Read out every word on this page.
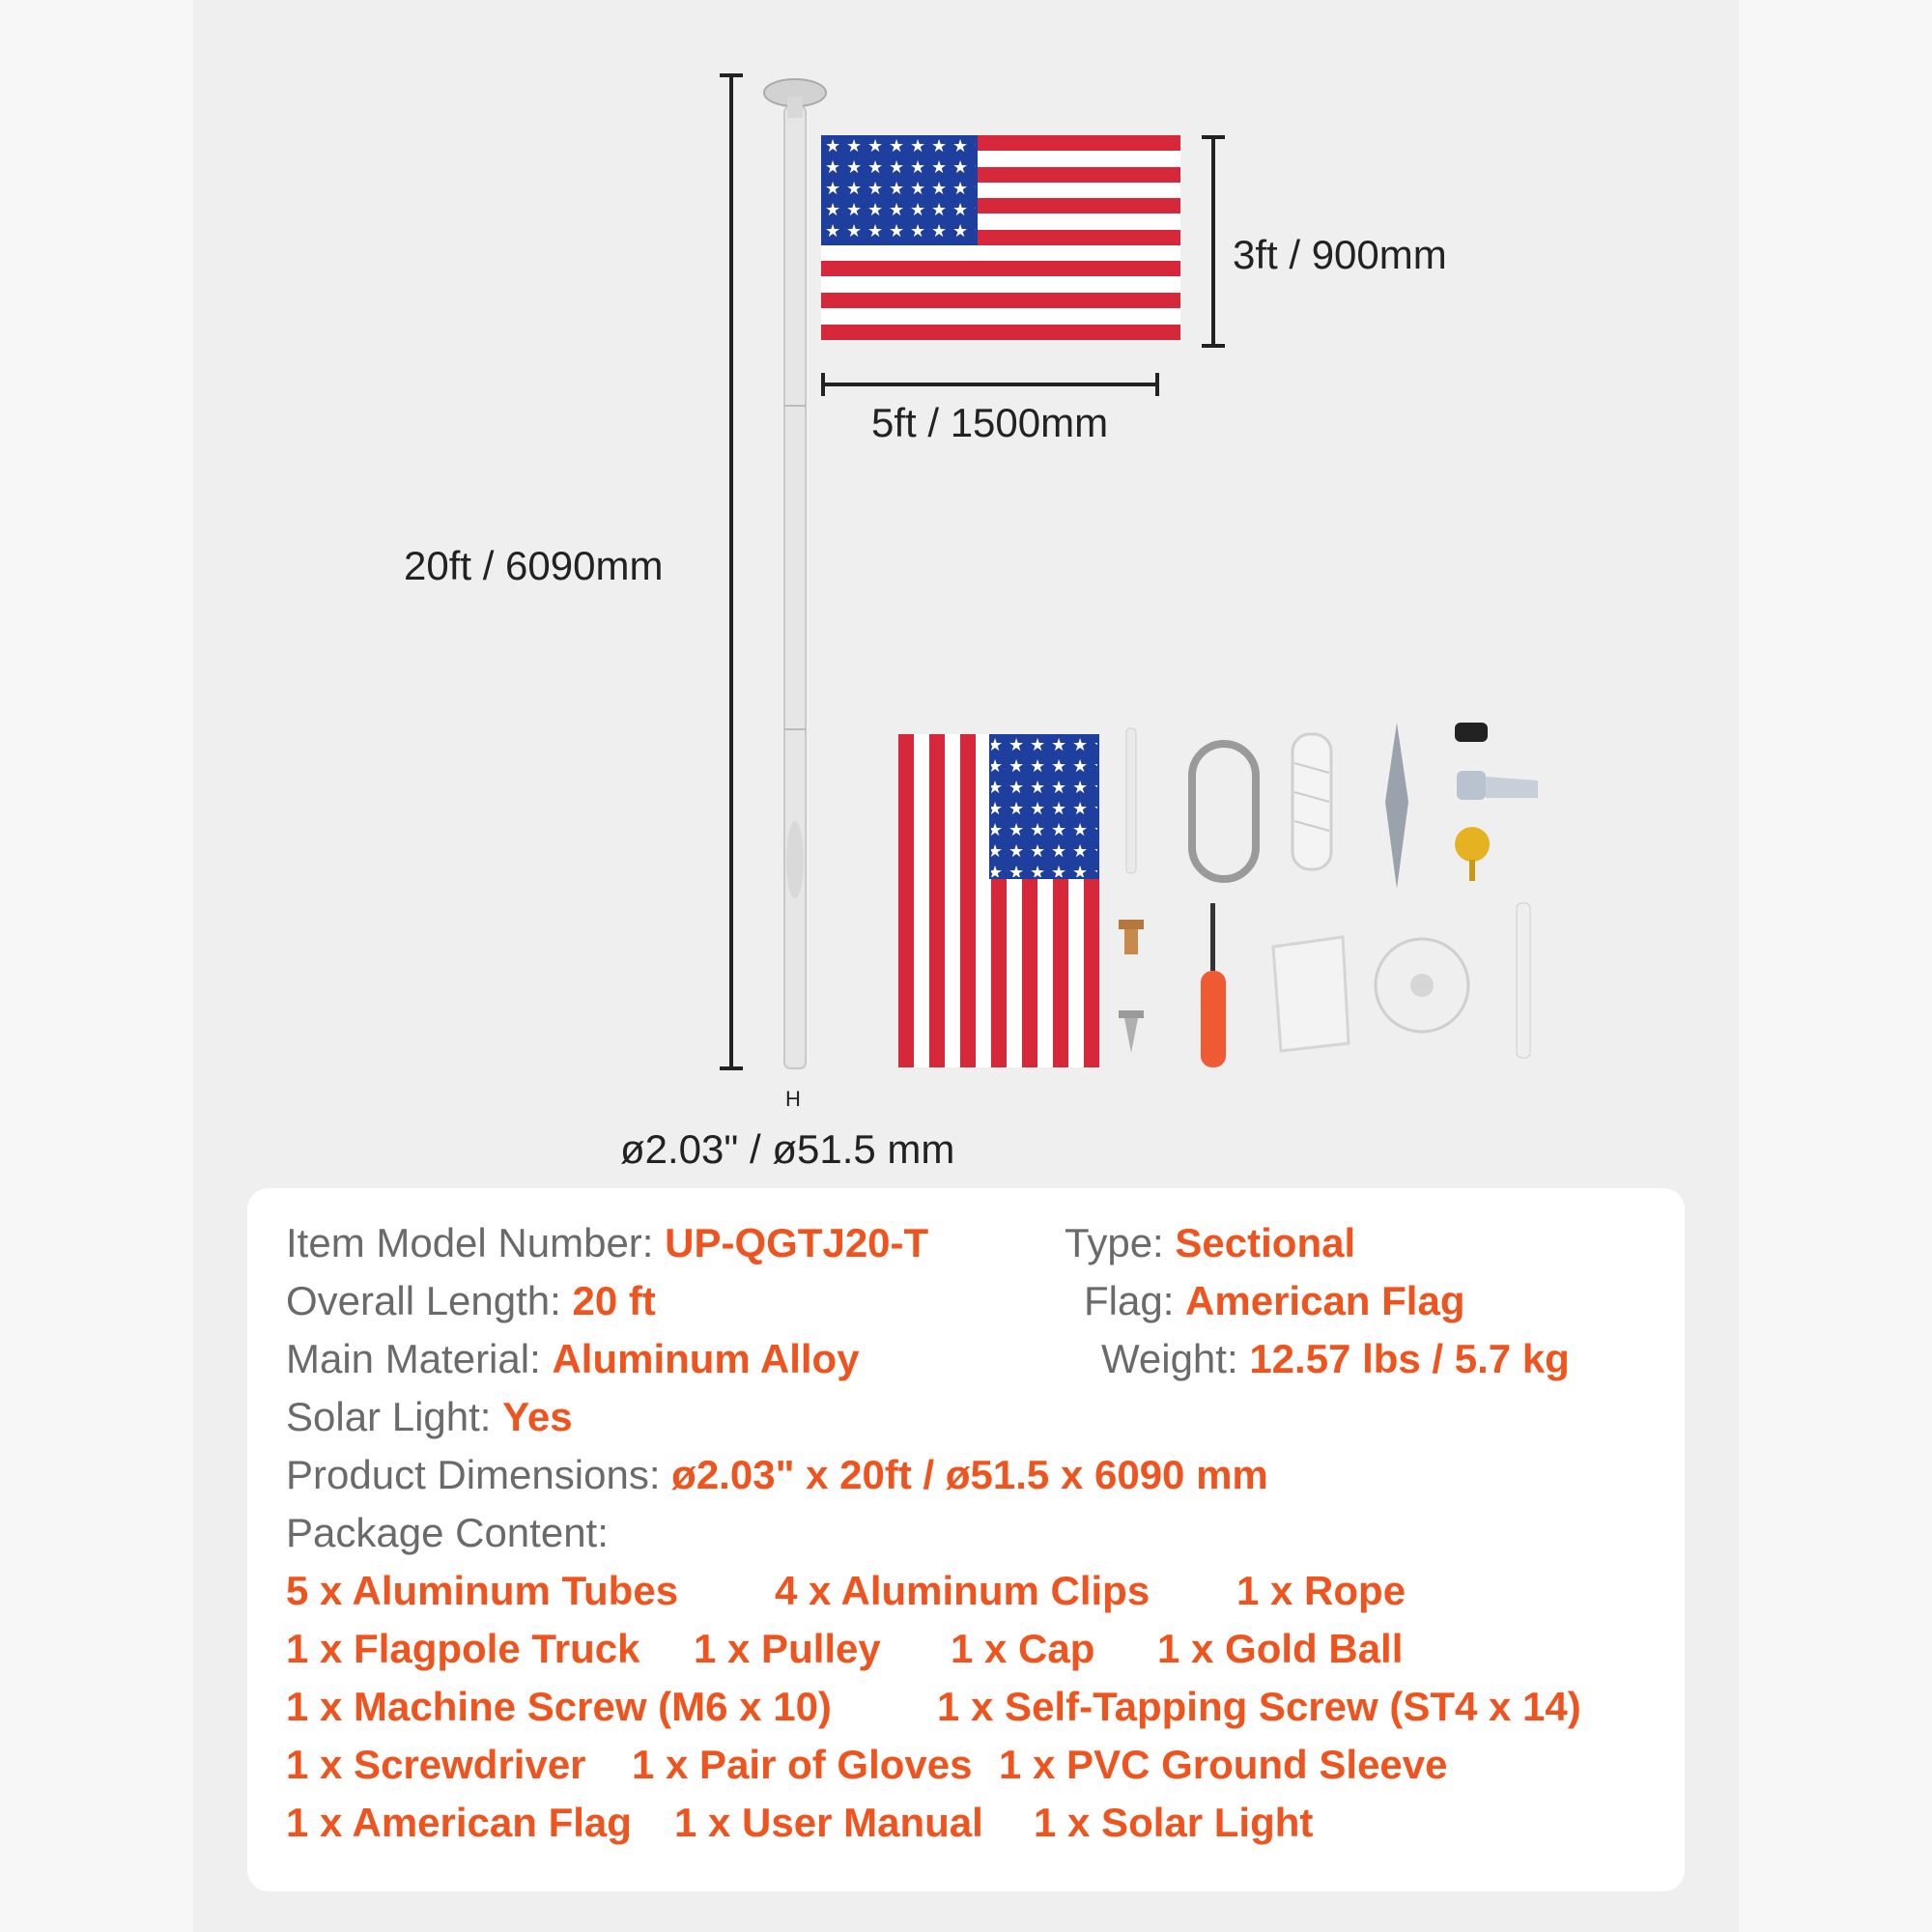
H
20ft / 6090mm
3ft / 900mm
5ft / 1500mm
ø2.03" / ø51.5 mm
Item Model Number: UP-QGTJ20-T	Type: Sectional
Overall Length: 20 ft	Flag: American Flag
Main Material: Aluminum Alloy	Weight: 12.57 lbs / 5.7 kg
Solar Light: Yes
Product Dimensions: ø2.03" x 20ft / ø51.5 x 6090 mm
Package Content:
5 x Aluminum Tubes 4 x Aluminum Clips 1 x Rope
1 x Flagpole Truck 1 x Pulley 1 x Cap 1 x Gold Ball
1 x Machine Screw (M6 x 10)	1 x Self-Tapping Screw (ST4 x 14)
1 x Screwdriver 1 x Pair of Gloves 1 x PVC Ground Sleeve
1 x American Flag 1 x User Manual 1 x Solar Light
